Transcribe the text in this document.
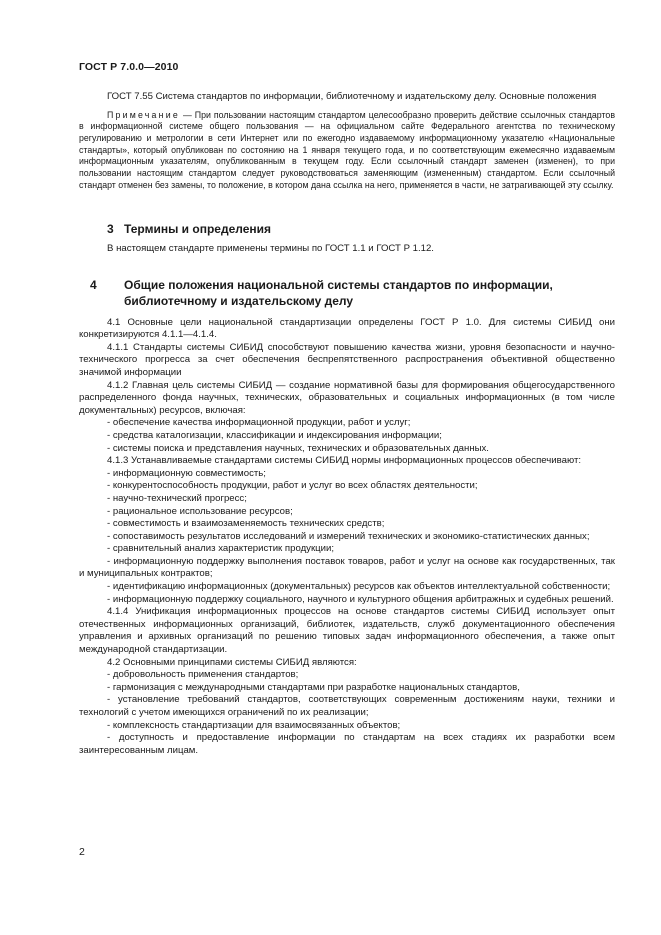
ГОСТ Р 7.0.0—2010

ГОСТ 7.55 Система стандартов по информации, библиотечному и издательскому делу. Основные положения

Примечание — При пользовании настоящим стандартом целесообразно проверить действие ссылочных стандартов в информационной системе общего пользования — на официальном сайте Федерального агентства по техническому регулированию и метрологии в сети Интернет или по ежегодно издаваемому информационному указателю «Национальные стандарты», который опубликован по состоянию на 1 января текущего года, и по соответствующим ежемесячно издаваемым информационным указателям, опубликованным в текущем году. Если ссылочный стандарт заменен (изменен), то при пользовании настоящим стандартом следует руководствоваться заменяющим (измененным) стандартом. Если ссылочный стандарт отменен без замены, то положение, в котором дана ссылка на него, применяется в части, не затрагивающей эту ссылку.

3 Термины и определения

В настоящем стандарте применены термины по ГОСТ 1.1 и ГОСТ Р 1.12.

4 Общие положения национальной системы стандартов по информации, библиотечному и издательскому делу

4.1 Основные цели национальной стандартизации определены ГОСТ Р 1.0. Для системы СИБИД они конкретизируются 4.1.1—4.1.4.

4.1.1 Стандарты системы СИБИД способствуют повышению качества жизни, уровня безопасности и научно-технического прогресса за счет обеспечения беспрепятственного распространения объективной общественно значимой информации

4.1.2 Главная цель системы СИБИД — создание нормативной базы для формирования общегосударственного распределенного фонда научных, технических, образовательных и социальных информационных (в том числе документальных) ресурсов, включая:

- обеспечение качества информационной продукции, работ и услуг;

- средства каталогизации, классификации и индексирования информации;

- системы поиска и представления научных, технических и образовательных данных.

4.1.3 Устанавливаемые стандартами системы СИБИД нормы информационных процессов обеспечивают:

- информационную совместимость;

- конкурентоспособность продукции, работ и услуг во всех областях деятельности;

- научно-технический прогресс;

- рациональное использование ресурсов;

- совместимость и взаимозаменяемость технических средств;

- сопоставимость результатов исследований и измерений технических и экономико-статистических данных;

- сравнительный анализ характеристик продукции;

- информационную поддержку выполнения поставок товаров, работ и услуг на основе как государственных, так и муниципальных контрактов;

- идентификацию информационных (документальных) ресурсов как объектов интеллектуальной собственности;

- информационную поддержку социального, научного и культурного общения арбитражных и судебных решений.

4.1.4 Унификация информационных процессов на основе стандартов системы СИБИД использует опыт отечественных информационных организаций, библиотек, издательств, служб документационного обеспечения управления и архивных организаций по решению типовых задач информационного обеспечения, а также опыт международной стандартизации.

4.2 Основными принципами системы СИБИД являются:

- добровольность применения стандартов;

- гармонизация с международными стандартами при разработке национальных стандартов,

- установление требований стандартов, соответствующих современным достижениям науки, техники и технологий с учетом имеющихся ограничений по их реализации;

- комплексность стандартизации для взаимосвязанных объектов;

- доступность и предоставление информации по стандартам на всех стадиях их разработки всем заинтересованным лицам.

2
